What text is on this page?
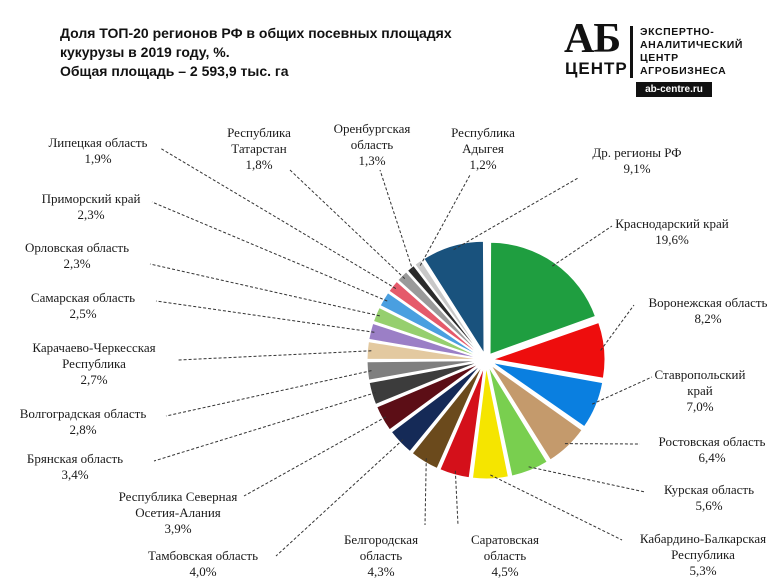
Доля ТОП-20 регионов РФ в общих посевных площадях
кукурузы в 2019 году, %.
Общая площадь – 2 593,9 тыс. га
АБ
ЦЕНТР
ЭКСПЕРТНО-
АНАЛИТИЧЕСКИЙ
ЦЕНТР
АГРОБИЗНЕСА
ab-centre.ru
Краснодарский край 19,6%
Воронежская область 8,2%
Ставропольский край 7,0%
Ростовская область 6,4%
Курская область 5,6%
Кабардино-Балкарская Республика 5,3%
Саратовская область 4,5%
Белгородская область 4,3%
Тамбовская область 4,0%
Республика Северная Осетия-Алания 3,9%
Брянская область 3,4%
Волгоградская область 2,8%
Карачаево-Черкесская Республика 2,7%
Самарская область 2,5%
Орловская область 2,3%
Приморский край 2,3%
Липецкая область 1,9%
Республика Татарстан 1,8%
Оренбургская область 1,3%
Республика Адыгея 1,2%
Др. регионы РФ 9,1%
